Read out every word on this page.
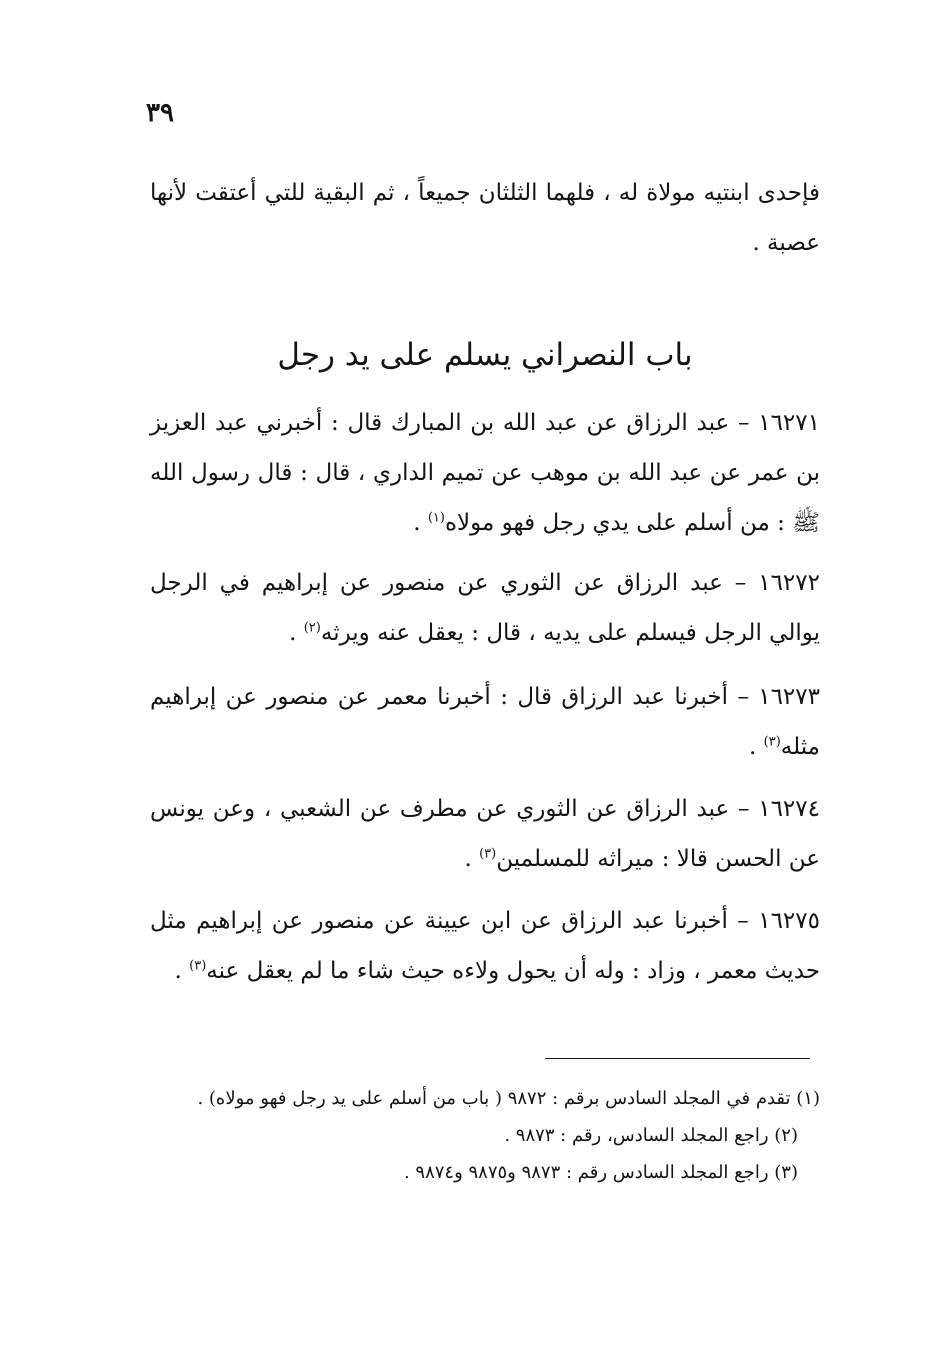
٣٩

فإحدى ابنتيه مولاة له ، فلهما الثلثان جميعاً ، ثم البقية للتي أعتقت لأنها عصبة .

باب النصراني يسلم على يد رجل

١٦٢٧١ – عبد الرزاق عن عبد الله بن المبارك قال : أخبرني عبد العزيز بن عمر عن عبد الله بن موهب عن تميم الداري ، قال : قال رسول الله ﷺ : من أسلم على يدي رجل فهو مولاه$^{(١)}$ .

١٦٢٧٢ – عبد الرزاق عن الثوري عن منصور عن إبراهيم في الرجل يوالي الرجل فيسلم على يديه ، قال : يعقل عنه ويرثه$^{(٢)}$ .

١٦٢٧٣ – أخبرنا عبد الرزاق قال : أخبرنا معمر عن منصور عن إبراهيم مثله$^{(٣)}$ .

١٦٢٧٤ – عبد الرزاق عن الثوري عن مطرف عن الشعبي ، وعن يونس عن الحسن قالا : ميراثه للمسلمين$^{(٣)}$ .

١٦٢٧٥ – أخبرنا عبد الرزاق عن ابن عيينة عن منصور عن إبراهيم مثل حديث معمر ، وزاد : وله أن يحول ولاءه حيث شاء ما لم يعقل عنه$^{(٣)}$ .

(١) تقدم في المجلد السادس برقم : ٩٨٧٢ ( باب من أسلم على يد رجل فهو مولاه) .

(٢) راجع المجلد السادس، رقم : ٩٨٧٣ .

(٣) راجع المجلد السادس رقم : ٩٨٧٣ و٩٨٧٥ و٩٨٧٤ .
